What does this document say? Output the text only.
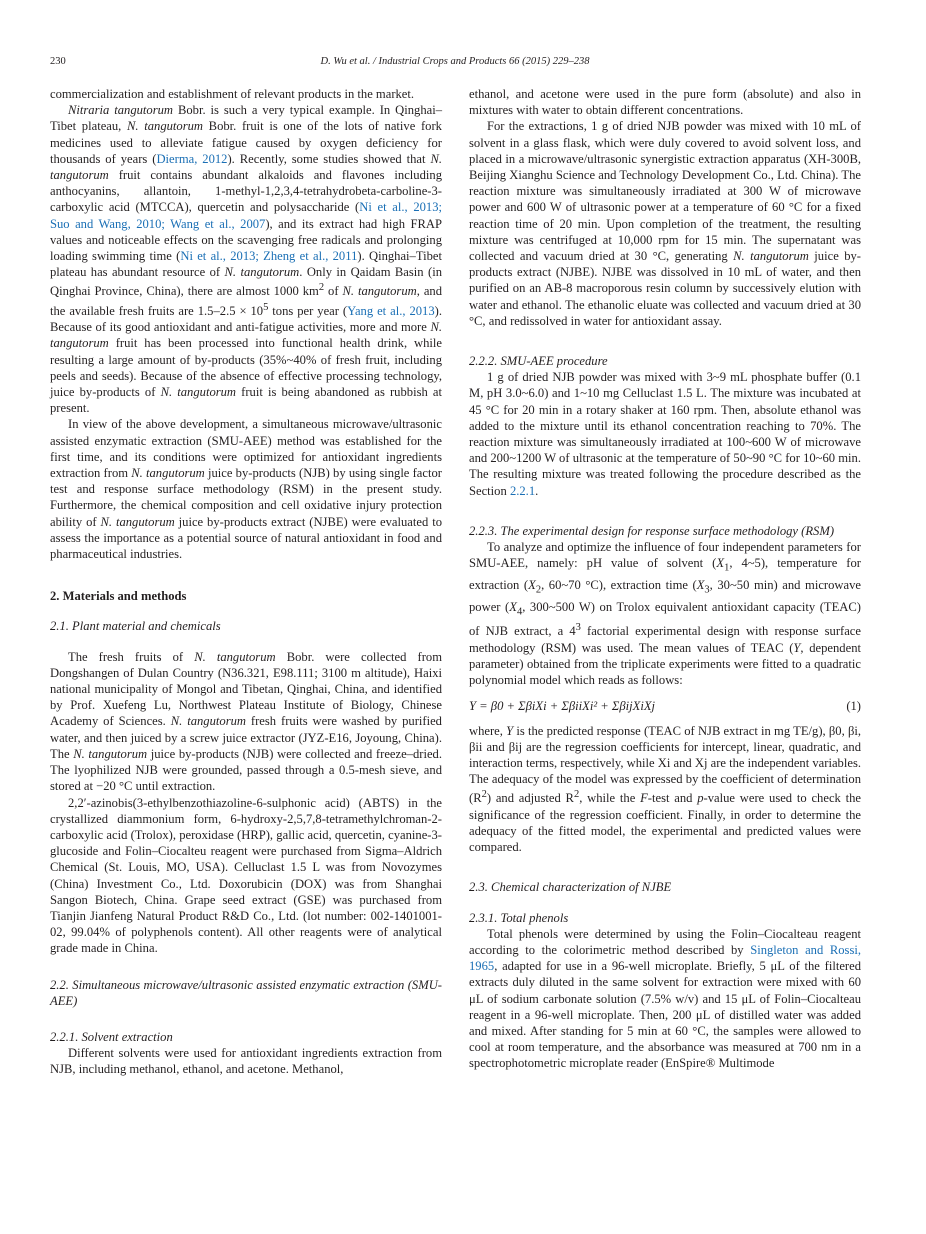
230	D. Wu et al. / Industrial Crops and Products 66 (2015) 229–238

commercialization and establishment of relevant products in the market.

Nitraria tangutorum Bobr. is such a very typical example. In Qinghai–Tibet plateau, N. tangutorum Bobr. fruit is one of the lots of native fork medicines used to alleviate fatigue caused by oxygen deficiency for thousands of years (Dierma, 2012). Recently, some studies showed that N. tangutorum fruit contains abundant alkaloids and flavones including anthocyanins, allantoin, 1-methyl-1,2,3,4-tetrahydrobeta-carboline-3-carboxylic acid (MTCCA), quercetin and polysaccharide (Ni et al., 2013; Suo and Wang, 2010; Wang et al., 2007), and its extract had high FRAP values and noticeable effects on the scavenging free radicals and prolonging loading swimming time (Ni et al., 2013; Zheng et al., 2011). Qinghai–Tibet plateau has abundant resource of N. tangutorum. Only in Qaidam Basin (in Qinghai Province, China), there are almost 1000 $km^2$ of N. tangutorum, and the available fresh fruits are $1.5-2.5 \times 10^5$ tons per year (Yang et al., 2013). Because of its good antioxidant and anti-fatigue activities, more and more N. tangutorum fruit has been processed into functional health drink, while resulting a large amount of by-products (35%~40% of fresh fruit, including peels and seeds). Because of the absence of effective processing technology, juice by-products of N. tangutorum fruit is being abandoned as rubbish at present.

In view of the above development, a simultaneous microwave/ultrasonic assisted enzymatic extraction (SMU-AEE) method was established for the first time, and its conditions were optimized for antioxidant ingredients extraction from N. tangutorum juice by-products (NJB) by using single factor test and response surface methodology (RSM) in the present study. Furthermore, the chemical composition and cell oxidative injury protection ability of N. tangutorum juice by-products extract (NJBE) were evaluated to assess the importance as a potential source of natural antioxidant in food and pharmaceutical industries.

2. Materials and methods
2.1. Plant material and chemicals

The fresh fruits of N. tangutorum Bobr. were collected from Dongshangen of Dulan Country (N36.321, E98.111; 3100 m altitude), Haixi national municipality of Mongol and Tibetan, Qinghai, China, and identified by Prof. Xuefeng Lu, Northwest Plateau Institute of Biology, Chinese Academy of Sciences. N. tangutorum fresh fruits were washed by purified water, and then juiced by a screw juice extractor (JYZ-E16, Joyoung, China). The N. tangutorum juice by-products (NJB) were collected and freeze–dried. The lyophilized NJB were grounded, passed through a 0.5-mesh sieve, and stored at −20 °C until extraction.

2,2′-azinobis(3-ethylbenzothiazoline-6-sulphonic acid) (ABTS) in the crystallized diammonium form, 6-hydroxy-2,5,7,8-tetramethylchroman-2-carboxylic acid (Trolox), peroxidase (HRP), gallic acid, quercetin, cyanine-3-glucoside and Folin–Ciocalteu reagent were purchased from Sigma–Aldrich Chemical (St. Louis, MO, USA). Celluclast 1.5 L was from Novozymes (China) Investment Co., Ltd. Doxorubicin (DOX) was from Shanghai Sangon Biotech, China. Grape seed extract (GSE) was purchased from Tianjin Jianfeng Natural Product R&D Co., Ltd. (lot number: 002-1401001-02, 99.04% of polyphenols content). All other reagents were of analytical grade made in China.

2.2. Simultaneous microwave/ultrasonic assisted enzymatic extraction (SMU-AEE)
2.2.1. Solvent extraction

Different solvents were used for antioxidant ingredients extraction from NJB, including methanol, ethanol, and acetone. Methanol,

ethanol, and acetone were used in the pure form (absolute) and also in mixtures with water to obtain different concentrations.

For the extractions, 1 g of dried NJB powder was mixed with 10 mL of solvent in a glass flask, which were duly covered to avoid solvent loss, and placed in a microwave/ultrasonic synergistic extraction apparatus (XH-300B, Beijing Xianghu Science and Technology Development Co., Ltd. China). The reaction mixture was simultaneously irradiated at 300 W of microwave power and 600 W of ultrasonic power at a temperature of 60 °C for a fixed reaction time of 20 min. Upon completion of the treatment, the resulting mixture was centrifuged at 10,000 rpm for 15 min. The supernatant was collected and vacuum dried at 30 °C, generating N. tangutorum juice by-products extract (NJBE). NJBE was dissolved in 10 mL of water, and then purified on an AB-8 macroporous resin column by successively elution with water and ethanol. The ethanolic eluate was collected and vacuum dried at 30 °C, and redissolved in water for antioxidant assay.

2.2.2. SMU-AEE procedure

1 g of dried NJB powder was mixed with 3~9 mL phosphate buffer (0.1 M, pH 3.0~6.0) and 1~10 mg Celluclast 1.5 L. The mixture was incubated at 45 °C for 20 min in a rotary shaker at 160 rpm. Then, absolute ethanol was added to the mixture until its ethanol concentration reaching to 70%. The reaction mixture was simultaneously irradiated at 100~600 W of microwave and 200~1200 W of ultrasonic at the temperature of 50~90 °C for 10~60 min. The resulting mixture was treated following the procedure described as the Section 2.2.1.

2.2.3. The experimental design for response surface methodology (RSM)

To analyze and optimize the influence of four independent parameters for SMU-AEE, namely: pH value of solvent ($X_1$, 4~5), temperature for extraction ($X_2$, 60~70 °C), extraction time ($X_3$, 30~50 min) and microwave power ($X_4$, 300~500 W) on Trolox equivalent antioxidant capacity (TEAC) of NJB extract, a $4^3$ factorial experimental design with response surface methodology (RSM) was used. The mean values of TEAC (Y, dependent parameter) obtained from the triplicate experiments were fitted to a quadratic polynomial model which reads as follows:

Y = β0 + ΣβiXi + ΣβiiXi² + ΣβijXiXj	(1)

where, Y is the predicted response (TEAC of NJB extract in mg TE/g), β0, βi, βii and βij are the regression coefficients for intercept, linear, quadratic, and interaction terms, respectively, while Xi and Xj are the independent variables. The adequacy of the model was expressed by the coefficient of determination $(R^2)$ and adjusted $R^2$, while the F-test and p-value were used to check the significance of the regression coefficient. Finally, in order to determine the adequacy of the fitted model, the experimental and predicted values were compared.

2.3. Chemical characterization of NJBE
2.3.1. Total phenols

Total phenols were determined by using the Folin–Ciocalteau reagent according to the colorimetric method described by Singleton and Rossi, 1965, adapted for use in a 96-well microplate. Briefly, 5 μL of the filtered extracts duly diluted in the same solvent for extraction were mixed with 60 μL of sodium carbonate solution (7.5% w/v) and 15 μL of Folin–Ciocalteau reagent in a 96-well microplate. Then, 200 μL of distilled water was added and mixed. After standing for 5 min at 60 °C, the samples were allowed to cool at room temperature, and the absorbance was measured at 700 nm in a spectrophotometric microplate reader (EnSpire® Multimode
